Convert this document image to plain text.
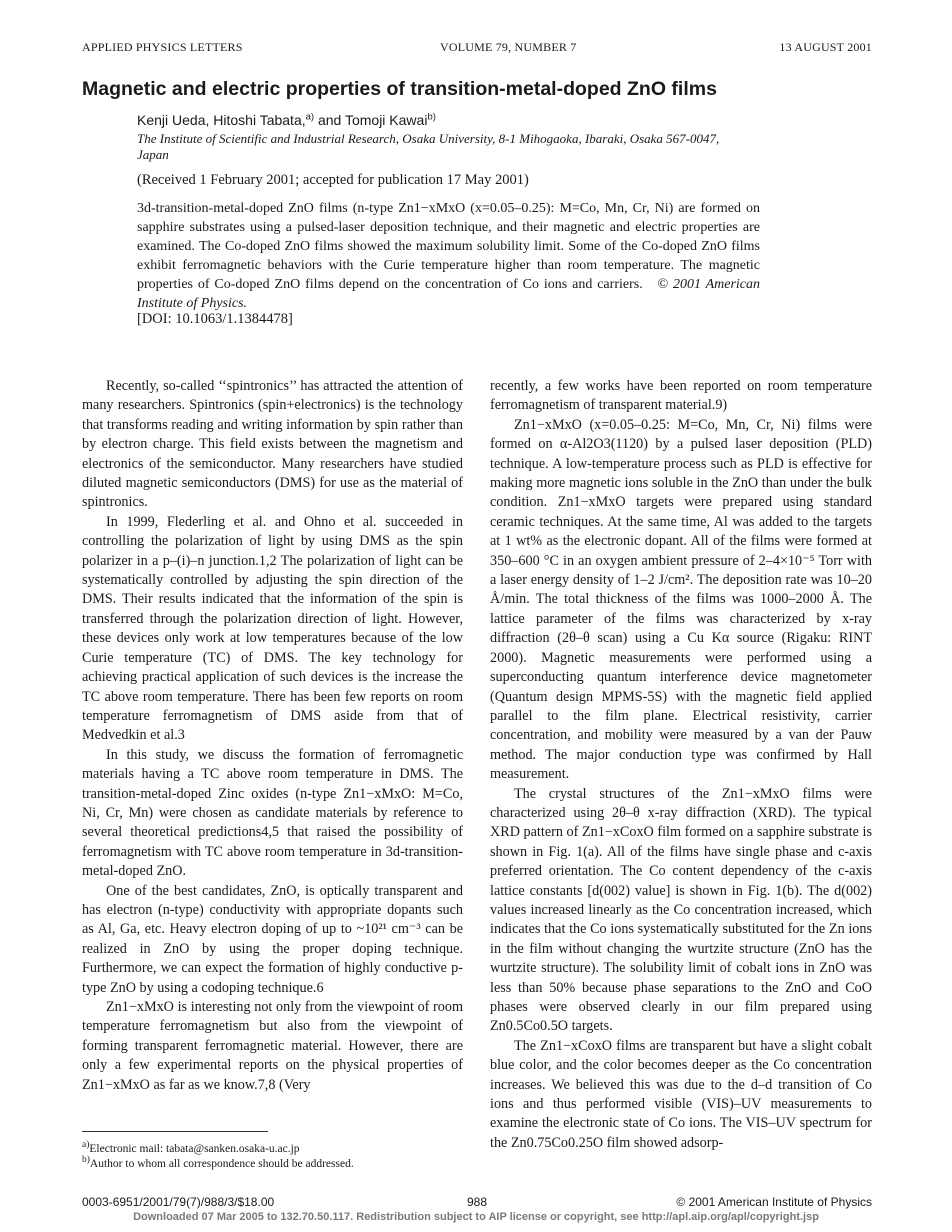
APPLIED PHYSICS LETTERS	VOLUME 79, NUMBER 7	13 AUGUST 2001
Magnetic and electric properties of transition-metal-doped ZnO films
Kenji Ueda, Hitoshi Tabata,$^{a)}$ and Tomoji Kawai$^{b)}$
The Institute of Scientific and Industrial Research, Osaka University, 8-1 Mihogaoka, Ibaraki, Osaka 567-0047, Japan
(Received 1 February 2001; accepted for publication 17 May 2001)
3d-transition-metal-doped ZnO films (n-type Zn1−xMxO (x=0.05–0.25): M=Co, Mn, Cr, Ni) are formed on sapphire substrates using a pulsed-laser deposition technique, and their magnetic and electric properties are examined. The Co-doped ZnO films showed the maximum solubility limit. Some of the Co-doped ZnO films exhibit ferromagnetic behaviors with the Curie temperature higher than room temperature. The magnetic properties of Co-doped ZnO films depend on the concentration of Co ions and carriers. © 2001 American Institute of Physics.
[DOI: 10.1063/1.1384478]

Recently, so-called ‘‘spintronics’’ has attracted the attention of many researchers. Spintronics (spin+electronics) is the technology that transforms reading and writing information by spin rather than by electron charge. This field exists between the magnetism and electronics of the semiconductor. Many researchers have studied diluted magnetic semiconductors (DMS) for use as the material of spintronics.

In 1999, Flederling et al. and Ohno et al. succeeded in controlling the polarization of light by using DMS as the spin polarizer in a p–(i)–n junction.1,2 The polarization of light can be systematically controlled by adjusting the spin direction of the DMS. Their results indicated that the information of the spin is transferred through the polarization direction of light. However, these devices only work at low temperatures because of the low Curie temperature (TC) of DMS. The key technology for achieving practical application of such devices is the increase the TC above room temperature. There has been few reports on room temperature ferromagnetism of DMS aside from that of Medvedkin et al.3

In this study, we discuss the formation of ferromagnetic materials having a TC above room temperature in DMS. The transition-metal-doped Zinc oxides (n-type Zn1−xMxO: M=Co, Ni, Cr, Mn) were chosen as candidate materials by reference to several theoretical predictions4,5 that raised the possibility of ferromagnetism with TC above room temperature in 3d-transition-metal-doped ZnO.

One of the best candidates, ZnO, is optically transparent and has electron (n-type) conductivity with appropriate dopants such as Al, Ga, etc. Heavy electron doping of up to ~10²¹ cm⁻³ can be realized in ZnO by using the proper doping technique. Furthermore, we can expect the formation of highly conductive p-type ZnO by using a codoping technique.6

Zn1−xMxO is interesting not only from the viewpoint of room temperature ferromagnetism but also from the viewpoint of forming transparent ferromagnetic material. However, there are only a few experimental reports on the physical properties of Zn1−xMxO as far as we know.7,8 (Very

recently, a few works have been reported on room temperature ferromagnetism of transparent material.9)

Zn1−xMxO (x=0.05–0.25: M=Co, Mn, Cr, Ni) films were formed on α-Al2O3(1120) by a pulsed laser deposition (PLD) technique. A low-temperature process such as PLD is effective for making more magnetic ions soluble in the ZnO than under the bulk condition. Zn1−xMxO targets were prepared using standard ceramic techniques. At the same time, Al was added to the targets at 1 wt% as the electronic dopant. All of the films were formed at 350–600 °C in an oxygen ambient pressure of 2–4×10⁻⁵ Torr with a laser energy density of 1–2 J/cm². The deposition rate was 10–20 Å/min. The total thickness of the films was 1000–2000 Å. The lattice parameter of the films was characterized by x-ray diffraction (2θ–θ scan) using a Cu Kα source (Rigaku: RINT 2000). Magnetic measurements were performed using a superconducting quantum interference device magnetometer (Quantum design MPMS-5S) with the magnetic field applied parallel to the film plane. Electrical resistivity, carrier concentration, and mobility were measured by a van der Pauw method. The major conduction type was confirmed by Hall measurement.

The crystal structures of the Zn1−xMxO films were characterized using 2θ–θ x-ray diffraction (XRD). The typical XRD pattern of Zn1−xCoxO film formed on a sapphire substrate is shown in Fig. 1(a). All of the films have single phase and c-axis preferred orientation. The Co content dependency of the c-axis lattice constants [d(002) value] is shown in Fig. 1(b). The d(002) values increased linearly as the Co concentration increased, which indicates that the Co ions systematically substituted for the Zn ions in the film without changing the wurtzite structure (ZnO has the wurtzite structure). The solubility limit of cobalt ions in ZnO was less than 50% because phase separations to the ZnO and CoO phases were observed clearly in our film prepared using Zn0.5Co0.5O targets.

The Zn1−xCoxO films are transparent but have a slight cobalt blue color, and the color becomes deeper as the Co concentration increases. We believed this was due to the d–d transition of Co ions and thus performed visible (VIS)–UV measurements to examine the electronic state of Co ions. The VIS–UV spectrum for the Zn0.75Co0.25O film showed adsorp-

$^{a)}$Electronic mail: tabata@sanken.osaka-u.ac.jp
$^{b)}$Author to whom all correspondence should be addressed.
0003-6951/2001/79(7)/988/3/$18.00	988	© 2001 American Institute of Physics
Downloaded 07 Mar 2005 to 132.70.50.117. Redistribution subject to AIP license or copyright, see http://apl.aip.org/apl/copyright.jsp
